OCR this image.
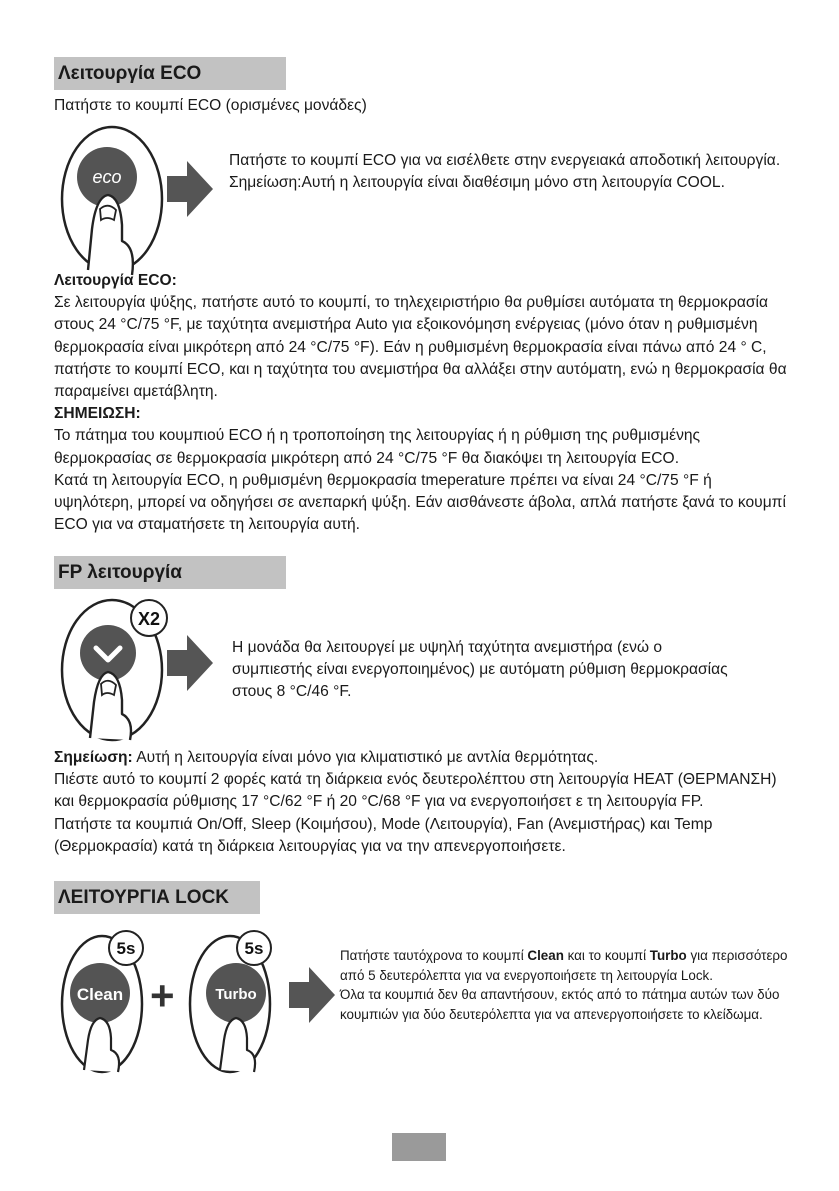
Λειτουργία ECO
Πατήστε το κουμπί ECO (ορισμένες μονάδες)
eco

Πατήστε το κουμπί ECO για να εισέλθετε στην ενεργειακά αποδοτική λειτουργία.

Σημείωση:Αυτή η λειτουργία είναι διαθέσιμη μόνο στη λειτουργία COOL.

Λειτουργία ECO:

Σε λειτουργία ψύξης, πατήστε αυτό το κουμπί, το τηλεχειριστήριο θα ρυθμίσει αυτόματα τη θερμοκρασία στους 24 °C/75 °F, με ταχύτητα ανεμιστήρα Auto για εξοικονόμηση ενέργειας (μόνο όταν η ρυθμισμένη θερμοκρασία είναι μικρότερη από 24 °C/75 °F). Εάν η ρυθμισμένη θερμοκρασία είναι πάνω από 24 ° C, πατήστε το κουμπί ECO, και η ταχύτητα του ανεμιστήρα θα αλλάξει στην αυτόματη, ενώ η θερμοκρασία θα παραμείνει αμετάβλητη.

ΣΗΜΕΙΩΣΗ:

Το πάτημα του κουμπιού ECO ή η τροποποίηση της λειτουργίας ή η ρύθμιση της ρυθμισμένης θερμοκρασίας σε θερμοκρασία μικρότερη από 24 °C/75 °F θα διακόψει τη λειτουργία ECO.

Κατά τη λειτουργία ECO, η ρυθμισμένη θερμοκρασία tmeperature πρέπει να είναι 24 °C/75 °F ή υψηλότερη, μπορεί να οδηγήσει σε ανεπαρκή ψύξη. Εάν αισθάνεστε άβολα, απλά πατήστε ξανά το κουμπί ECO για να σταματήσετε τη λειτουργία αυτή.

FP λειτουργία
X2
Η μονάδα θα λειτουργεί με υψηλή ταχύτητα ανεμιστήρα (ενώ ο συμπιεστής είναι ενεργοποιημένος) με αυτόματη ρύθμιση θερμοκρασίας στους 8 °C/46 °F.

Σημείωση: Αυτή η λειτουργία είναι μόνο για κλιματιστικό με αντλία θερμότητας.

Πιέστε αυτό το κουμπί 2 φορές κατά τη διάρκεια ενός δευτερολέπτου στη λειτουργία HEAT (ΘΕΡΜΑΝΣΗ) και θερμοκρασία ρύθμισης 17 °C/62 °F ή 20 °C/68 °F για να ενεργοποιήσετ ε τη λειτουργία FP.

Πατήστε τα κουμπιά On/Off, Sleep (Κοιμήσου), Mode (Λειτουργία), Fan (Ανεμιστήρας) και Temp (Θερμοκρασία) κατά τη διάρκεια λειτουργίας για να την απενεργοποιήσετε.

ΛΕΙΤΟΥΡΓΙΑ LOCK
5s
Clean +
5s
Turbo

Πατήστε ταυτόχρονα το κουμπί Clean και το κουμπί Turbo για περισσότερο από 5 δευτερόλεπτα για να ενεργοποιήσετε τη λειτουργία Lock.

Όλα τα κουμπιά δεν θα απαντήσουν, εκτός από το πάτημα αυτών των δύο κουμπιών για δύο δευτερόλεπτα για να απενεργοποιήσετε το κλείδωμα.
